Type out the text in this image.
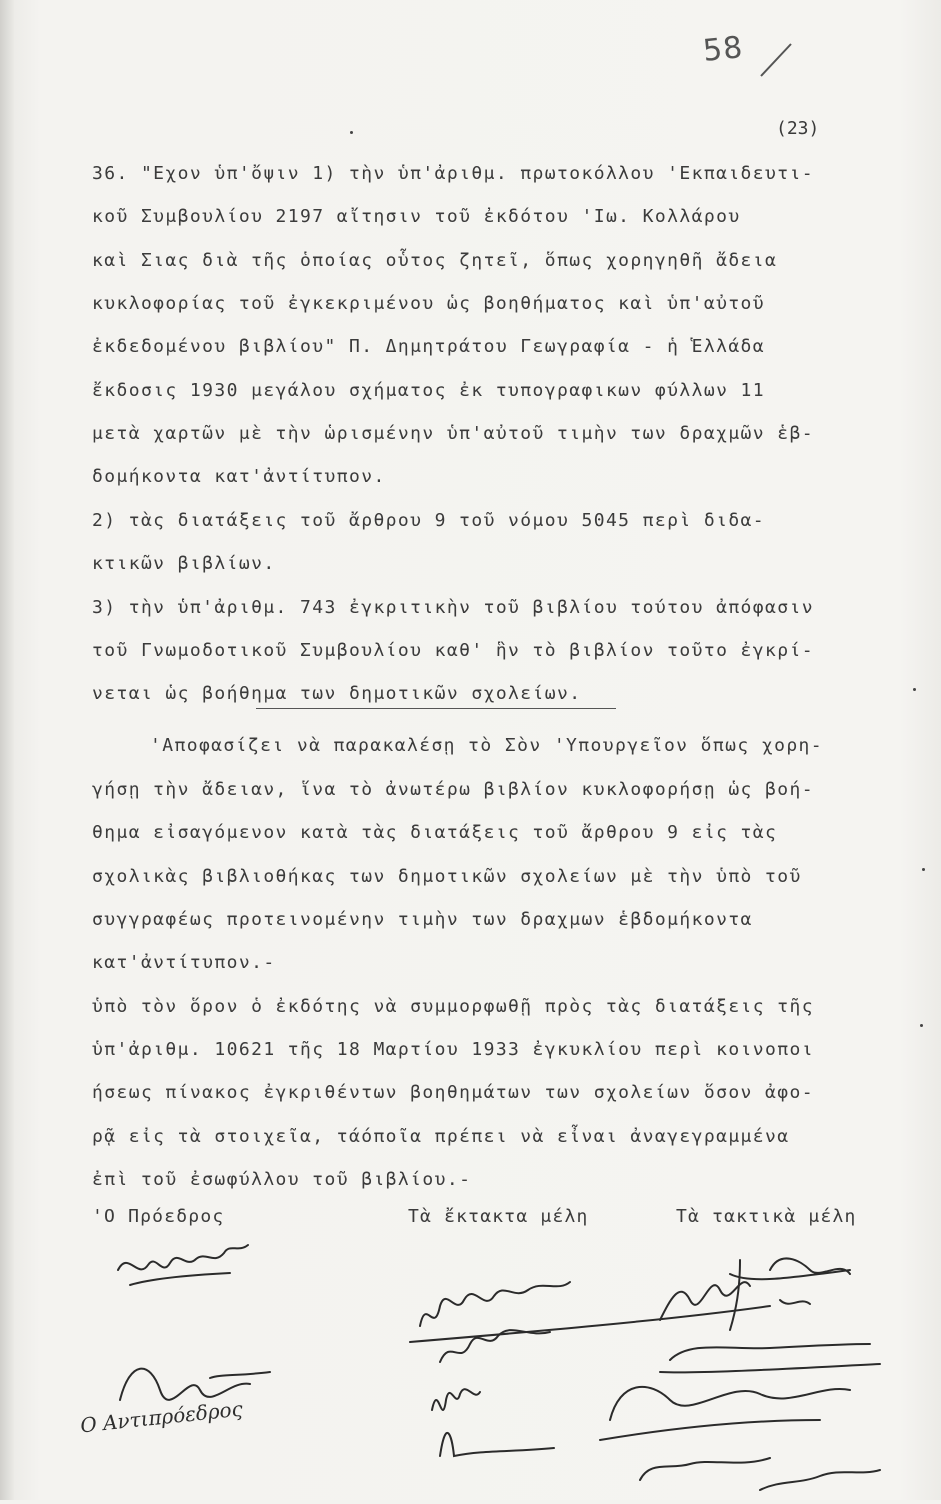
58
(23)
36. "Εχον ὑπ'ὄψιν 1) τὴν ὑπ'ἀριθμ. πρωτοκόλλου 'Εκπαιδευτι-
κοῦ Συμβουλίου 2197 αἴτησιν τοῦ ἐκδότου 'Ιω. Κολλάρου
καὶ Σιας διὰ τῆς ὁποίας οὗτος ζητεῖ, ὅπως χορηγηθῆ ἄδεια
κυκλοφορίας τοῦ ἐγκεκριμένου ὡς βοηθήματος καὶ ὑπ'αὐτοῦ
ἐκδεδομένου βιβλίου" Π. Δημητράτου Γεωγραφία - ἡ Ἑλλάδα
ἔκδοσις 1930 μεγάλου σχήματος ἐκ τυπογραφικων φύλλων 11
μετὰ χαρτῶν μὲ τὴν ὡρισμένην ὑπ'αὐτοῦ τιμὴν των δραχμῶν ἑβ-
δομήκοντα κατ'ἀντίτυπον.
2) τὰς διατάξεις τοῦ ἄρθρου 9 τοῦ νόμου 5045 περὶ διδα-
κτικῶν βιβλίων.
3) τὴν ὑπ'ἀριθμ. 743 ἐγκριτικὴν τοῦ βιβλίου τούτου ἀπόφασιν
τοῦ Γνωμοδοτικοῦ Συμβουλίου καθ' ἣν τὸ βιβλίον τοῦτο ἐγκρί-
νεται ὡς βοήθημα των δημοτικῶν σχολείων.
'Αποφασίζει νὰ παρακαλέσῃ τὸ Σὸν 'Υπουργεῖον ὅπως χορη-
γήσῃ τὴν ἄδειαν, ἵνα τὸ ἀνωτέρω βιβλίον κυκλοφορήσῃ ὡς βοή-
θημα εἰσαγόμενον κατὰ τὰς διατάξεις τοῦ ἄρθρου 9 εἰς τὰς
σχολικὰς βιβλιοθήκας των δημοτικῶν σχολείων μὲ τὴν ὑπὸ τοῦ
συγγραφέως προτεινομένην τιμὴν των δραχμων ἑβδομήκοντα
κατ'ἀντίτυπον.-
ὑπὸ τὸν ὅρον ὁ ἐκδότης νὰ συμμορφωθῇ πρὸς τὰς διατάξεις τῆς
ὑπ'ἀριθμ. 10621 τῆς 18 Μαρτίου 1933 ἐγκυκλίου περὶ κοινοποι
ήσεως πίνακος ἐγκριθέντων βοηθημάτων των σχολείων ὅσον ἀφο-
ρᾷ εἰς τὰ στοιχεῖα, τάόποῖα πρέπει νὰ εἶναι ἀναγεγραμμένα
ἐπὶ τοῦ ἐσωφύλλου τοῦ βιβλίου.-
'Ο Πρόεδρος	Τὰ ἔκτακτα μέλη	Τὰ τακτικὰ μέλη
Ο Αντιπρόεδρος
